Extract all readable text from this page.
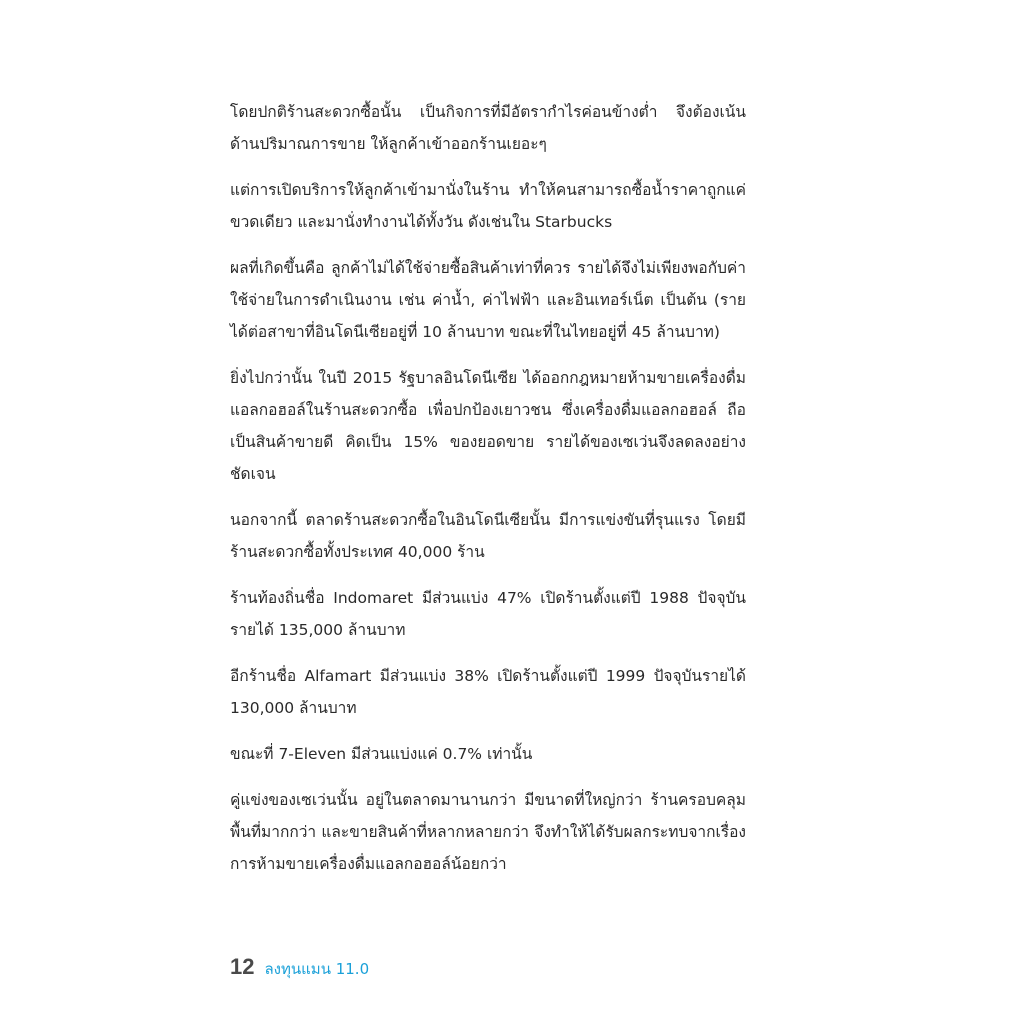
โดยปกติร้านสะดวกซื้อนั้น เป็นกิจการที่มีอัตรากำไรค่อนข้างต่ำ จึงต้องเน้นด้านปริมาณการขาย ให้ลูกค้าเข้าออกร้านเยอะๆ

แต่การเปิดบริการให้ลูกค้าเข้ามานั่งในร้าน ทำให้คนสามารถซื้อน้ำราคาถูกแค่ขวดเดียว และมานั่งทำงานได้ทั้งวัน ดังเช่นใน Starbucks

ผลที่เกิดขึ้นคือ ลูกค้าไม่ได้ใช้จ่ายซื้อสินค้าเท่าที่ควร รายได้จึงไม่เพียงพอกับค่าใช้จ่ายในการดำเนินงาน เช่น ค่าน้ำ, ค่าไฟฟ้า และอินเทอร์เน็ต เป็นต้น (รายได้ต่อสาขาที่อินโดนีเซียอยู่ที่ 10 ล้านบาท ขณะที่ในไทยอยู่ที่ 45 ล้านบาท)

ยิ่งไปกว่านั้น ในปี 2015 รัฐบาลอินโดนีเซีย ได้ออกกฎหมายห้ามขายเครื่องดื่มแอลกอฮอล์ในร้านสะดวกซื้อ เพื่อปกป้องเยาวชน ซึ่งเครื่องดื่มแอลกอฮอล์ ถือเป็นสินค้าขายดี คิดเป็น 15% ของยอดขาย รายได้ของเซเว่นจึงลดลงอย่างชัดเจน

นอกจากนี้ ตลาดร้านสะดวกซื้อในอินโดนีเซียนั้น มีการแข่งขันที่รุนแรง โดยมีร้านสะดวกซื้อทั้งประเทศ 40,000 ร้าน

ร้านท้องถิ่นชื่อ Indomaret มีส่วนแบ่ง 47% เปิดร้านตั้งแต่ปี 1988 ปัจจุบันรายได้ 135,000 ล้านบาท

อีกร้านชื่อ Alfamart มีส่วนแบ่ง 38% เปิดร้านตั้งแต่ปี 1999 ปัจจุบันรายได้ 130,000 ล้านบาท

ขณะที่ 7-Eleven มีส่วนแบ่งแค่ 0.7% เท่านั้น

คู่แข่งของเซเว่นนั้น อยู่ในตลาดมานานกว่า มีขนาดที่ใหญ่กว่า ร้านครอบคลุมพื้นที่มากกว่า และขายสินค้าที่หลากหลายกว่า จึงทำให้ได้รับผลกระทบจากเรื่องการห้ามขายเครื่องดื่มแอลกอฮอล์น้อยกว่า

12 ลงทุนแมน 11.0
